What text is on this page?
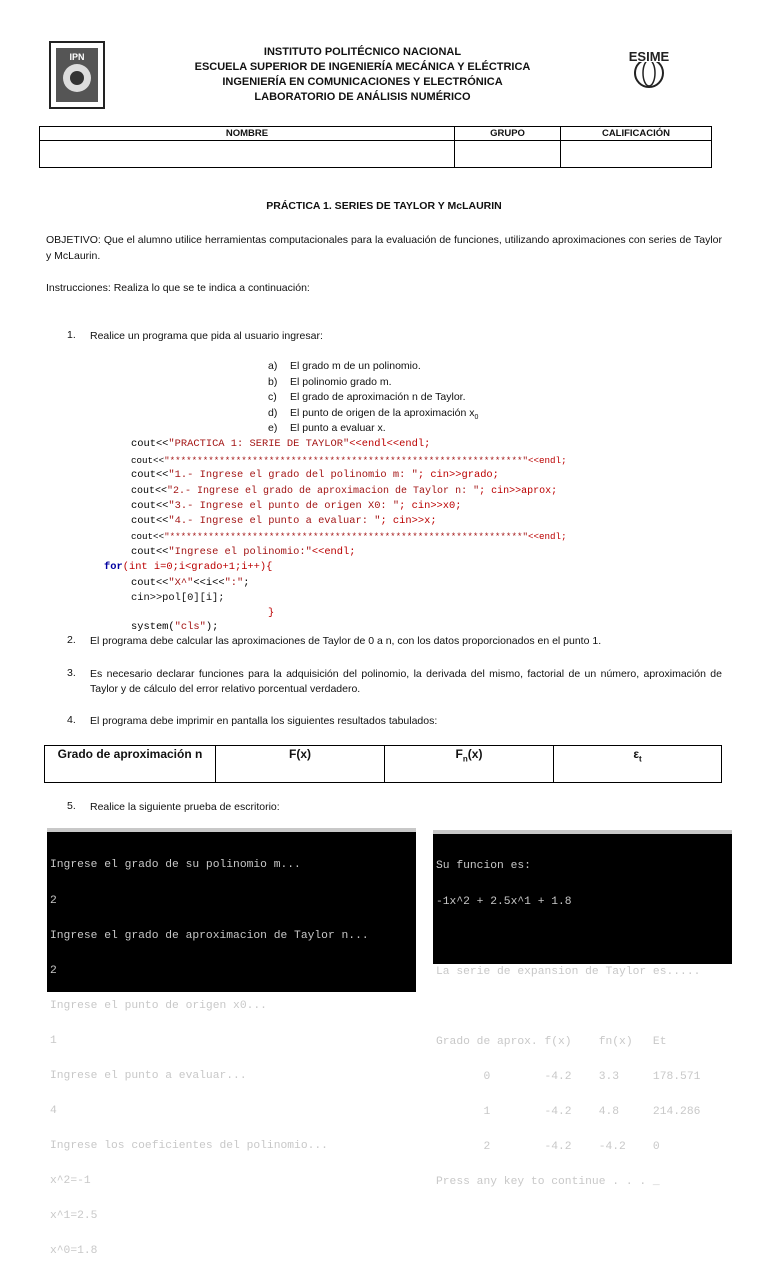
IPN	ESIME
INSTITUTO POLITÉCNICO NACIONAL
ESCUELA SUPERIOR DE INGENIERÍA MECÁNICA Y ELÉCTRICA
INGENIERÍA EN COMUNICACIONES Y ELECTRÓNICA
LABORATORIO DE ANÁLISIS NUMÉRICO
NOMBRE	GRUPO	CALIFICACIÓN

PRÁCTICA 1. SERIES DE TAYLOR Y McLAURIN
OBJETIVO: Que el alumno utilice herramientas computacionales para la evaluación de funciones, utilizando aproximaciones con series de Taylor y McLaurin.
Instrucciones: Realiza lo que se te indica a continuación:
1. Realice un programa que pida al usuario ingresar:
a) El grado m de un polinomio.
b) El polinomio grado m.
c) El grado de aproximación n de Taylor.
d) El punto de origen de la aproximación $x_0$
e) El punto a evaluar x.
cout<<"PRACTICA 1: SERIE DE TAYLOR"<<endl<<endl;
cout<<"****************************************************************"<<endl;
cout<<"1.- Ingrese el grado del polinomio m: "; cin>>grado;
cout<<"2.- Ingrese el grado de aproximacion de Taylor n: "; cin>>aprox;
cout<<"3.- Ingrese el punto de origen X0: "; cin>>x0;
cout<<"4.- Ingrese el punto a evaluar: "; cin>>x;
cout<<"****************************************************************"<<endl;
cout<<"Ingrese el polinomio:"<<endl;
for(int i=0;i<grado+1;i++){
cout<<"X^"<<i<<":";
cin>>pol[0][i];
}
system("cls");
2. El programa debe calcular las aproximaciones de Taylor de 0 a n, con los datos proporcionados en el punto 1.
3. Es necesario declarar funciones para la adquisición del polinomio, la derivada del mismo, factorial de un número, aproximación de Taylor y de cálculo del error relativo porcentual verdadero.
4. El programa debe imprimir en pantalla los siguientes resultados tabulados:
Grado de aproximación n	F(x)	$F_n(x)$	$\varepsilon_t$
5. Realice la siguiente prueba de escritorio:

Ingrese el grado de su polinomio m...

2

Ingrese el grado de aproximacion de Taylor n...

2

Ingrese el punto de origen x0...

1

Ingrese el punto a evaluar...

4

Ingrese los coeficientes del polinomio...

x^2=-1

x^1=2.5

x^0=1.8

Su funcion es:

-1x^2 + 2.5x^1 + 1.8

La serie de expansion de Taylor es.....

Grado de aprox. f(x)    fn(x)   Et

0        -4.2    3.3     178.571

1        -4.2    4.8     214.286

2        -4.2    -4.2    0

Press any key to continue . . . _
